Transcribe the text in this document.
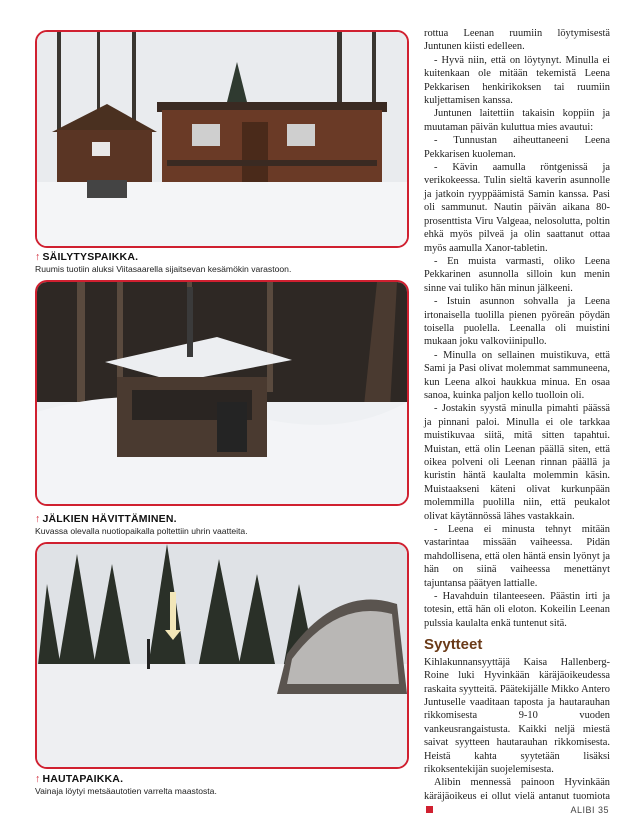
↑ SÄILYTYSPAIKKA.
Ruumis tuotiin aluksi Viitasaarella sijaitsevan kesämökin varastoon.
↑ JÄLKIEN HÄVITTÄMINEN.
Kuvassa olevalla nuotiopaikalla poltettiin uhrin vaatteita.
↑ HAUTAPAIKKA.
Vainaja löytyi metsäautotien varrelta maastosta.

rottua Leenan ruumiin löytymisestä Juntunen kiisti edelleen.

- Hyvä niin, että on löytynyt. Minulla ei kuitenkaan ole mitään tekemistä Leena Pekkarisen henkirikoksen tai ruumiin kuljettamisen kanssa.

Juntunen laitettiin takaisin koppiin ja muutaman päivän kuluttua mies avautui:

- Tunnustan aiheuttaneeni Leena Pekkarisen kuoleman.

- Kävin aamulla röntgenissä ja verikokeessa. Tulin sieltä kaverin asunnolle ja jatkoin ryyppäämistä Samin kanssa. Pasi oli sammunut. Nautin päivän aikana 80-prosenttista Viru Valgeaa, nelosolutta, poltin ehkä myös pilveä ja olin saattanut ottaa myös aamulla Xanor-tabletin.

- En muista varmasti, oliko Leena Pekkarinen asunnolla silloin kun menin sinne vai tuliko hän minun jälkeeni.

- Istuin asunnon sohvalla ja Leena irtonaisella tuolilla pienen pyöreän pöydän toisella puolella. Leenalla oli muistini mukaan joku valkoviinipullo.

- Minulla on sellainen muistikuva, että Sami ja Pasi olivat molemmat sammuneena, kun Leena alkoi haukkua minua. En osaa sanoa, kuinka paljon kello tuolloin oli.

- Jostakin syystä minulla pimahti päässä ja pinnani paloi. Minulla ei ole tarkkaa muistikuvaa siitä, mitä sitten tapahtui. Muistan, että olin Leenan päällä siten, että oikea polveni oli Leenan rinnan päällä ja kuristin häntä kaulalta molemmin käsin. Muistaakseni käteni olivat kurkunpään molemmilla puolilla niin, että peukalot olivat käytännössä lähes vastakkain.

- Leena ei minusta tehnyt mitään vastarintaa missään vaiheessa. Pidän mahdollisena, että olen häntä ensin lyönyt ja hän on siinä vaiheessa menettänyt tajuntansa päätyen lattialle.

- Havahduin tilanteeseen. Päästin irti ja totesin, että hän oli eloton. Kokeilin Leenan pulssia kaulalta enkä tuntenut sitä.

Syytteet

Kihlakunnansyyttäjä Kaisa Hallenberg-Roine luki Hyvinkään käräjäoikeudessa raskaita syytteitä. Päätekijälle Mikko Antero Juntuselle vaaditaan taposta ja hautarauhan rikkomisesta 9-10 vuoden vankeusrangaistusta. Kaikki neljä miestä saivat syytteen hautarauhan rikkomisesta. Heistä kahta syytetään lisäksi rikoksentekijän suojelemisesta.

Alibin mennessä painoon Hyvinkään käräjäoikeus ei ollut vielä antanut tuomiota

ALIBI 35
